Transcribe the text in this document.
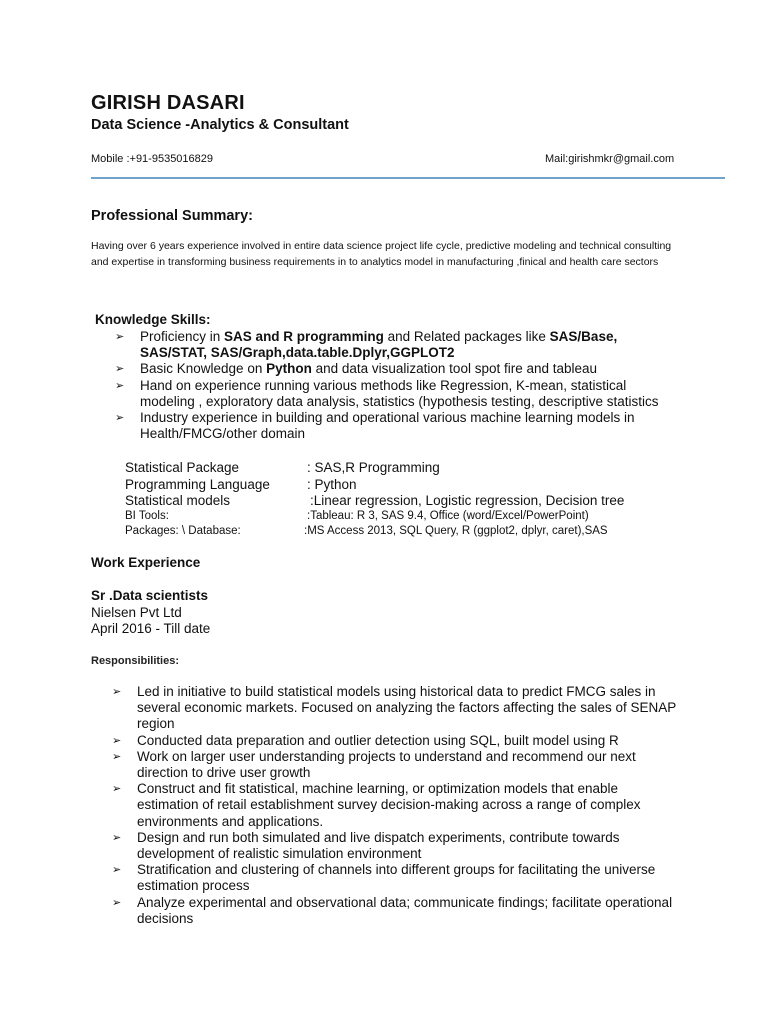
GIRISH DASARI
Data Science -Analytics & Consultant
Mobile :+91-9535016829	Mail:girishmkr@gmail.com
Professional Summary:
Having over 6 years experience involved in entire data science project life cycle, predictive modeling and technical consulting and expertise in transforming business requirements in to analytics model in manufacturing ,finical and health care sectors
Knowledge Skills:
➢ Proficiency in SAS and R programming and Related packages like SAS/Base, SAS/STAT, SAS/Graph,data.table.Dplyr,GGPLOT2
➢ Basic Knowledge on Python and data visualization tool spot fire and tableau
➢ Hand on experience running various methods like Regression, K-mean, statistical modeling , exploratory data analysis, statistics (hypothesis testing, descriptive statistics
➢ Industry experience in building and operational various machine learning models in Health/FMCG/other domain
Statistical Package	: SAS,R Programming
Programming Language	: Python
Statistical models	:Linear regression, Logistic regression, Decision tree
BI Tools:	:Tableau: R 3, SAS 9.4, Office (word/Excel/PowerPoint)
Packages: \ Database:	:MS Access 2013, SQL Query, R (ggplot2, dplyr, caret),SAS
Work Experience
Sr .Data scientists
Nielsen Pvt Ltd
April 2016 - Till date
Responsibilities:
➢ Led in initiative to build statistical models using historical data to predict FMCG sales in several economic markets. Focused on analyzing the factors affecting the sales of SENAP region
➢ Conducted data preparation and outlier detection using SQL, built model using R
➢ Work on larger user understanding projects to understand and recommend our next direction to drive user growth
➢ Construct and fit statistical, machine learning, or optimization models that enable estimation of retail establishment survey decision-making across a range of complex environments and applications.
➢ Design and run both simulated and live dispatch experiments, contribute towards development of realistic simulation environment
➢ Stratification and clustering of channels into different groups for facilitating the universe estimation process
➢ Analyze experimental and observational data; communicate findings; facilitate operational decisions
